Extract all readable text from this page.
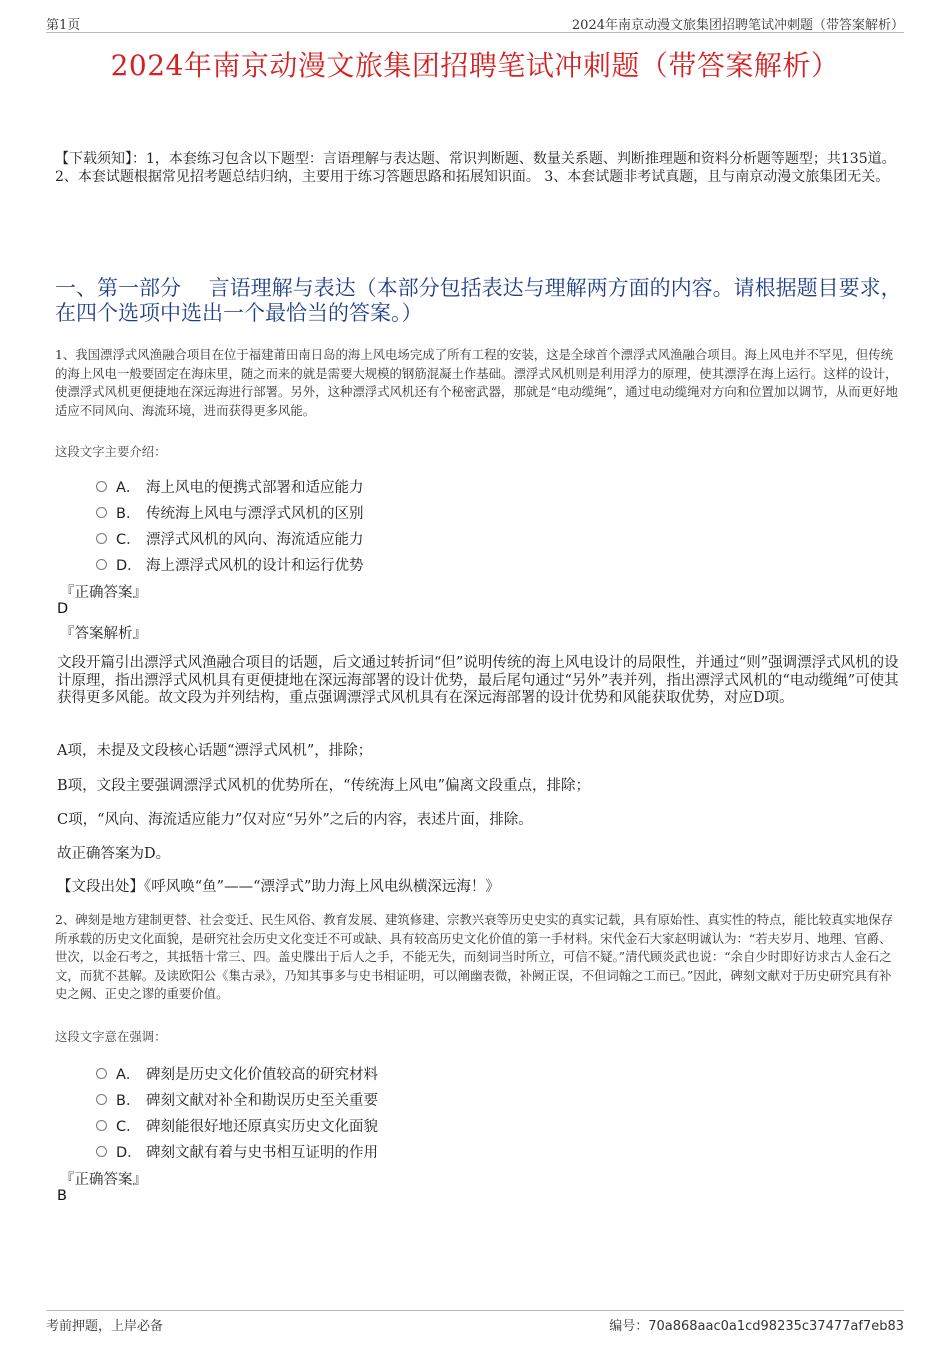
第1页	2024年南京动漫文旅集团招聘笔试冲刺题（带答案解析）
2024年南京动漫文旅集团招聘笔试冲刺题（带答案解析）
【下载须知】：1，本套练习包含以下题型：言语理解与表达题、常识判断题、数量关系题、判断推理题和资料分析题等题型；共135道。 2、本套试题根据常见招考题总结归纳，主要用于练习答题思路和拓展知识面。 3、本套试题非考试真题，且与南京动漫文旅集团无关。
一、第一部分　 言语理解与表达（本部分包括表达与理解两方面的内容。请根据题目要求，在四个选项中选出一个最恰当的答案。）
1、我国漂浮式风渔融合项目在位于福建莆田南日岛的海上风电场完成了所有工程的安装，这是全球首个漂浮式风渔融合项目。海上风电并不罕见，但传统的海上风电一般要固定在海床里，随之而来的就是需要大规模的钢筋混凝土作基础。漂浮式风机则是利用浮力的原理，使其漂浮在海上运行。这样的设计，使漂浮式风机更便捷地在深远海进行部署。另外，这种漂浮式风机还有个秘密武器，那就是“电动缆绳”，通过电动缆绳对方向和位置加以调节，从而更好地适应不同风向、海流环境，进而获得更多风能。
这段文字主要介绍：
A． 海上风电的便携式部署和适应能力
B． 传统海上风电与漂浮式风机的区别
C． 漂浮式风机的风向、海流适应能力
D． 海上漂浮式风机的设计和运行优势
『正确答案』
D
『答案解析』
文段开篇引出漂浮式风渔融合项目的话题，后文通过转折词“但”说明传统的海上风电设计的局限性，并通过“则”强调漂浮式风机的设计原理，指出漂浮式风机具有更便捷地在深远海部署的设计优势，最后尾句通过“另外”表并列，指出漂浮式风机的“电动缆绳”可使其获得更多风能。故文段为并列结构，重点强调漂浮式风机具有在深远海部署的设计优势和风能获取优势，对应D项。
A项，未提及文段核心话题“漂浮式风机”，排除；
B项，文段主要强调漂浮式风机的优势所在，“传统海上风电”偏离文段重点，排除；
C项，“风向、海流适应能力”仅对应“另外”之后的内容，表述片面，排除。
故正确答案为D。
【文段出处】《呼风唤“鱼”——“漂浮式”助力海上风电纵横深远海！》
2、碑刻是地方建制更替、社会变迁、民生风俗、教育发展、建筑修建、宗教兴衰等历史史实的真实记载，具有原始性、真实性的特点，能比较真实地保存所承载的历史文化面貌，是研究社会历史文化变迁不可或缺、具有较高历史文化价值的第一手材料。宋代金石大家赵明诚认为：“若夫岁月、地理、官爵、世次，以金石考之，其抵牾十常三、四。盖史牒出于后人之手，不能无失，而刻词当时所立，可信不疑。”清代顾炎武也说：“余自少时即好访求古人金石之文，而犹不甚解。及读欧阳公《集古录》，乃知其事多与史书相证明，可以阐幽表微，补阙正误，不但词翰之工而已。”因此，碑刻文献对于历史研究具有补史之阙、正史之谬的重要价值。
这段文字意在强调：
A． 碑刻是历史文化价值较高的研究材料
B． 碑刻文献对补全和勘误历史至关重要
C． 碑刻能很好地还原真实历史文化面貌
D． 碑刻文献有着与史书相互证明的作用
『正确答案』
B
考前押题，上岸必备	编号：70a868aac0a1cd98235c37477af7eb83
